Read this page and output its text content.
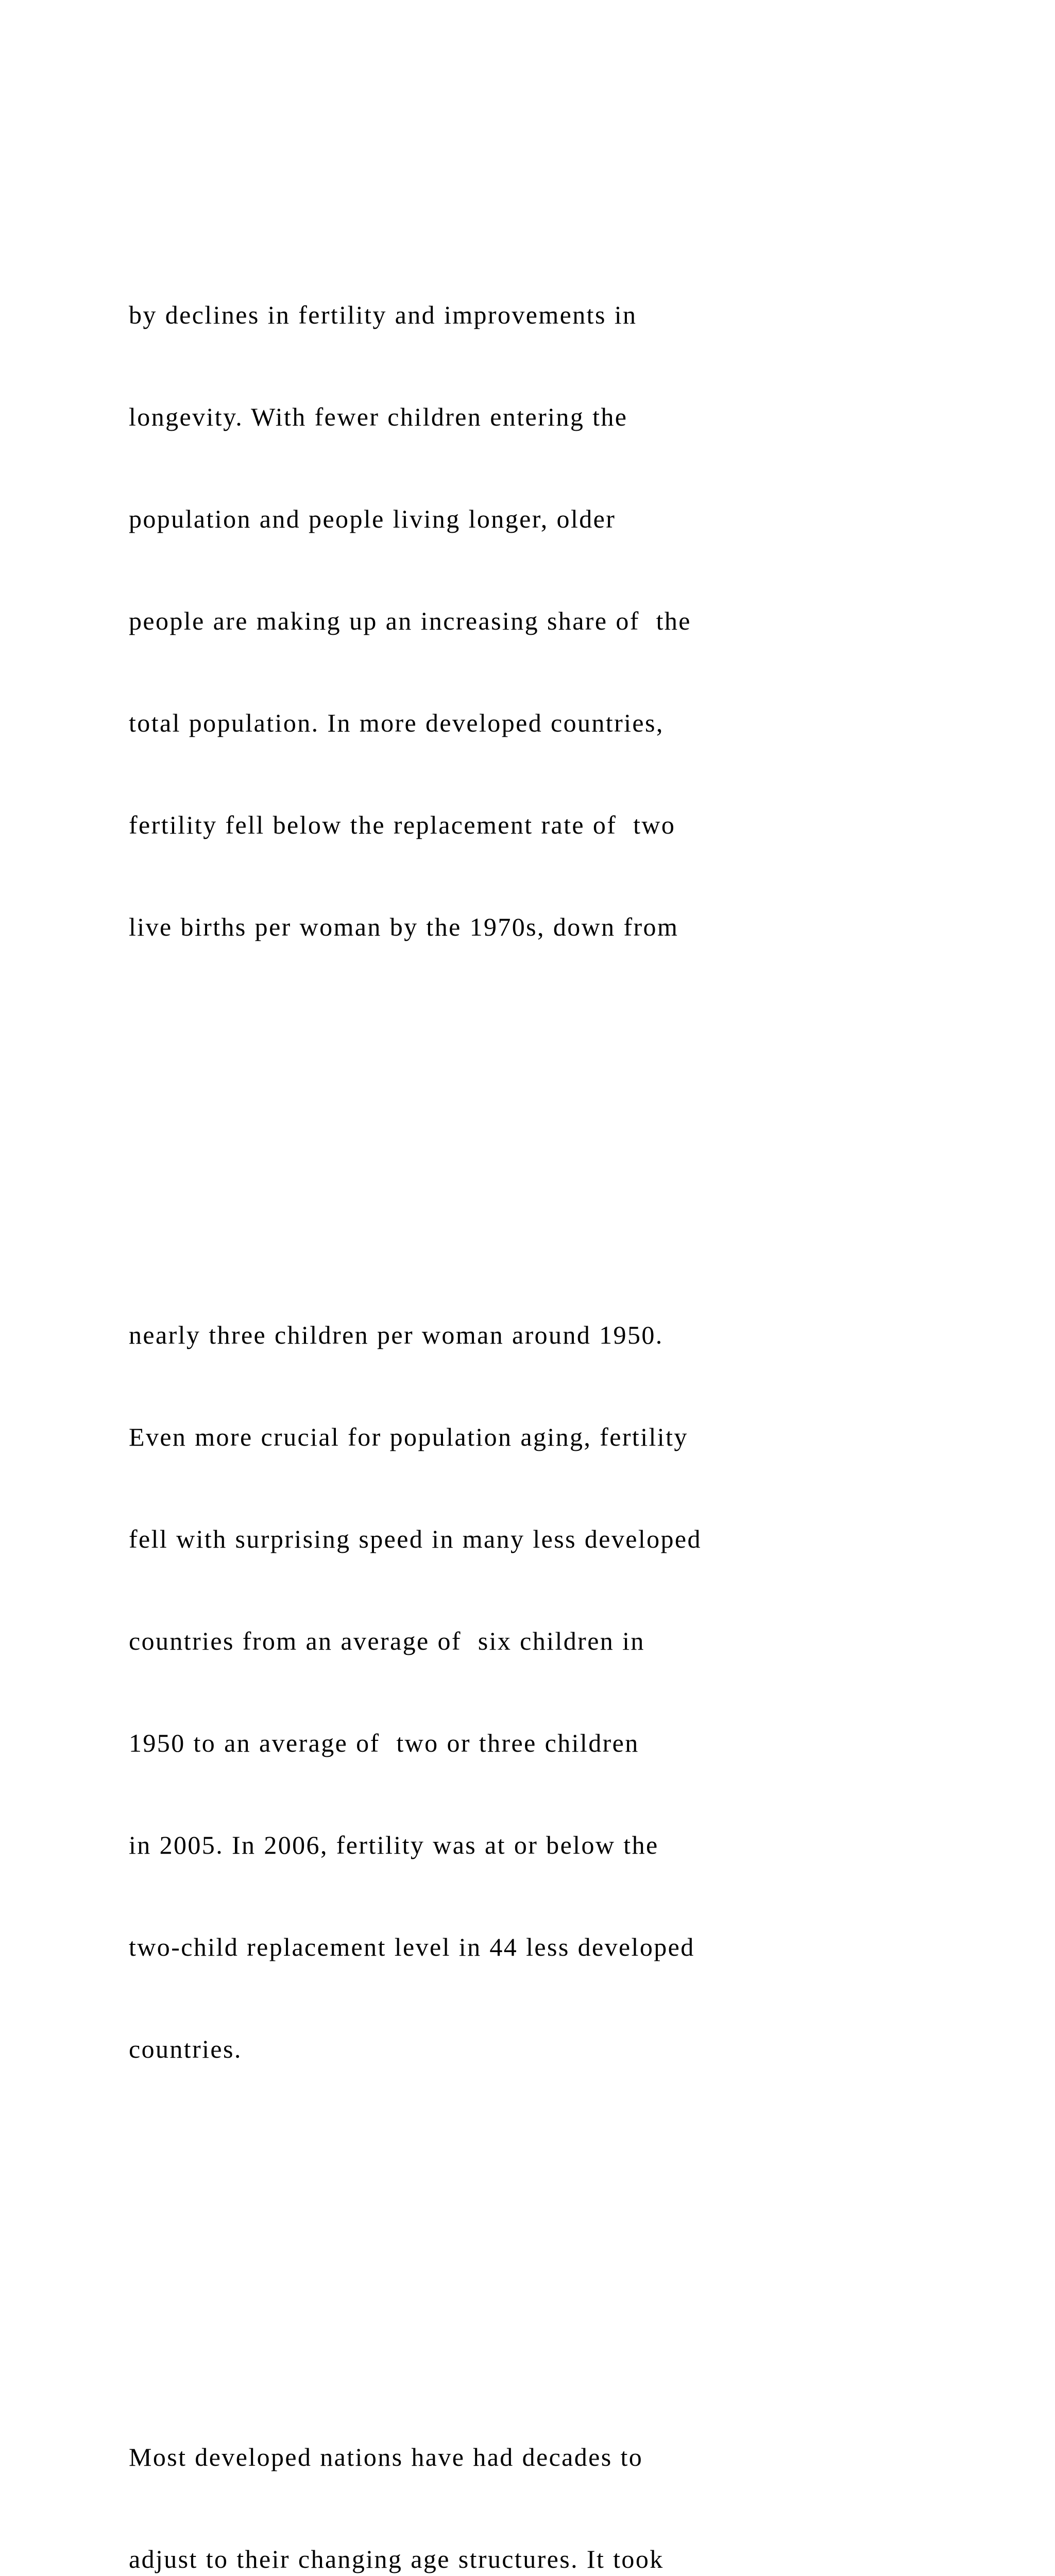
by declines in fertility and improvements in

longevity. With fewer children entering the

population and people living longer, older

people are making up an increasing share of  the

total population. In more developed countries,

fertility fell below the replacement rate of  two

live births per woman by the 1970s, down from

nearly three children per woman around 1950.

Even more crucial for population aging, fertility

fell with surprising speed in many less developed

countries from an average of  six children in

1950 to an average of  two or three children

in 2005. In 2006, fertility was at or below the

two-child replacement level in 44 less developed

countries.

Most developed nations have had decades to

adjust to their changing age structures. It took
